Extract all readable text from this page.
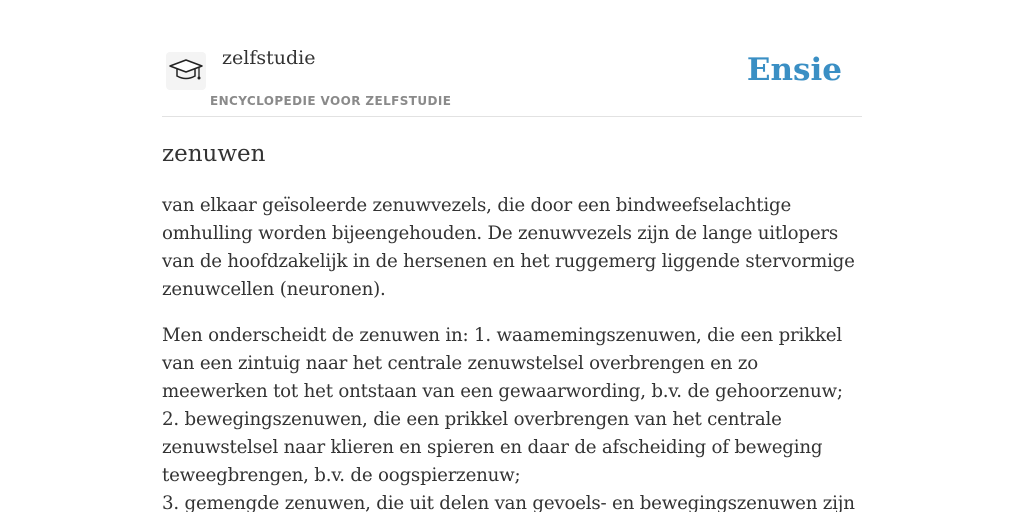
zelfstudie
ENCYCLOPEDIE VOOR ZELFSTUDIE
Ensie
zenuwen

van elkaar geïsoleerde zenuwvezels, die door een bindweefselachtige omhulling worden bijeengehouden. De zenuwvezels zijn de lange uitlopers van de hoofdzakelijk in de hersenen en het ruggemerg liggende stervormige zenuwcellen (neuronen).

Men onderscheidt de zenuwen in: 1. waamemingszenuwen, die een prikkel van een zintuig naar het centrale zenuwstelsel overbrengen en zo meewerken tot het ontstaan van een gewaarwording, b.v. de gehoorzenuw;
2. bewegingszenuwen, die een prikkel overbrengen van het centrale zenuwstelsel naar klieren en spieren en daar de afscheiding of beweging teweegbrengen, b.v. de oogspierzenuw;
3. gemengde zenuwen, die uit delen van gevoels- en bewegingszenuwen zijn
